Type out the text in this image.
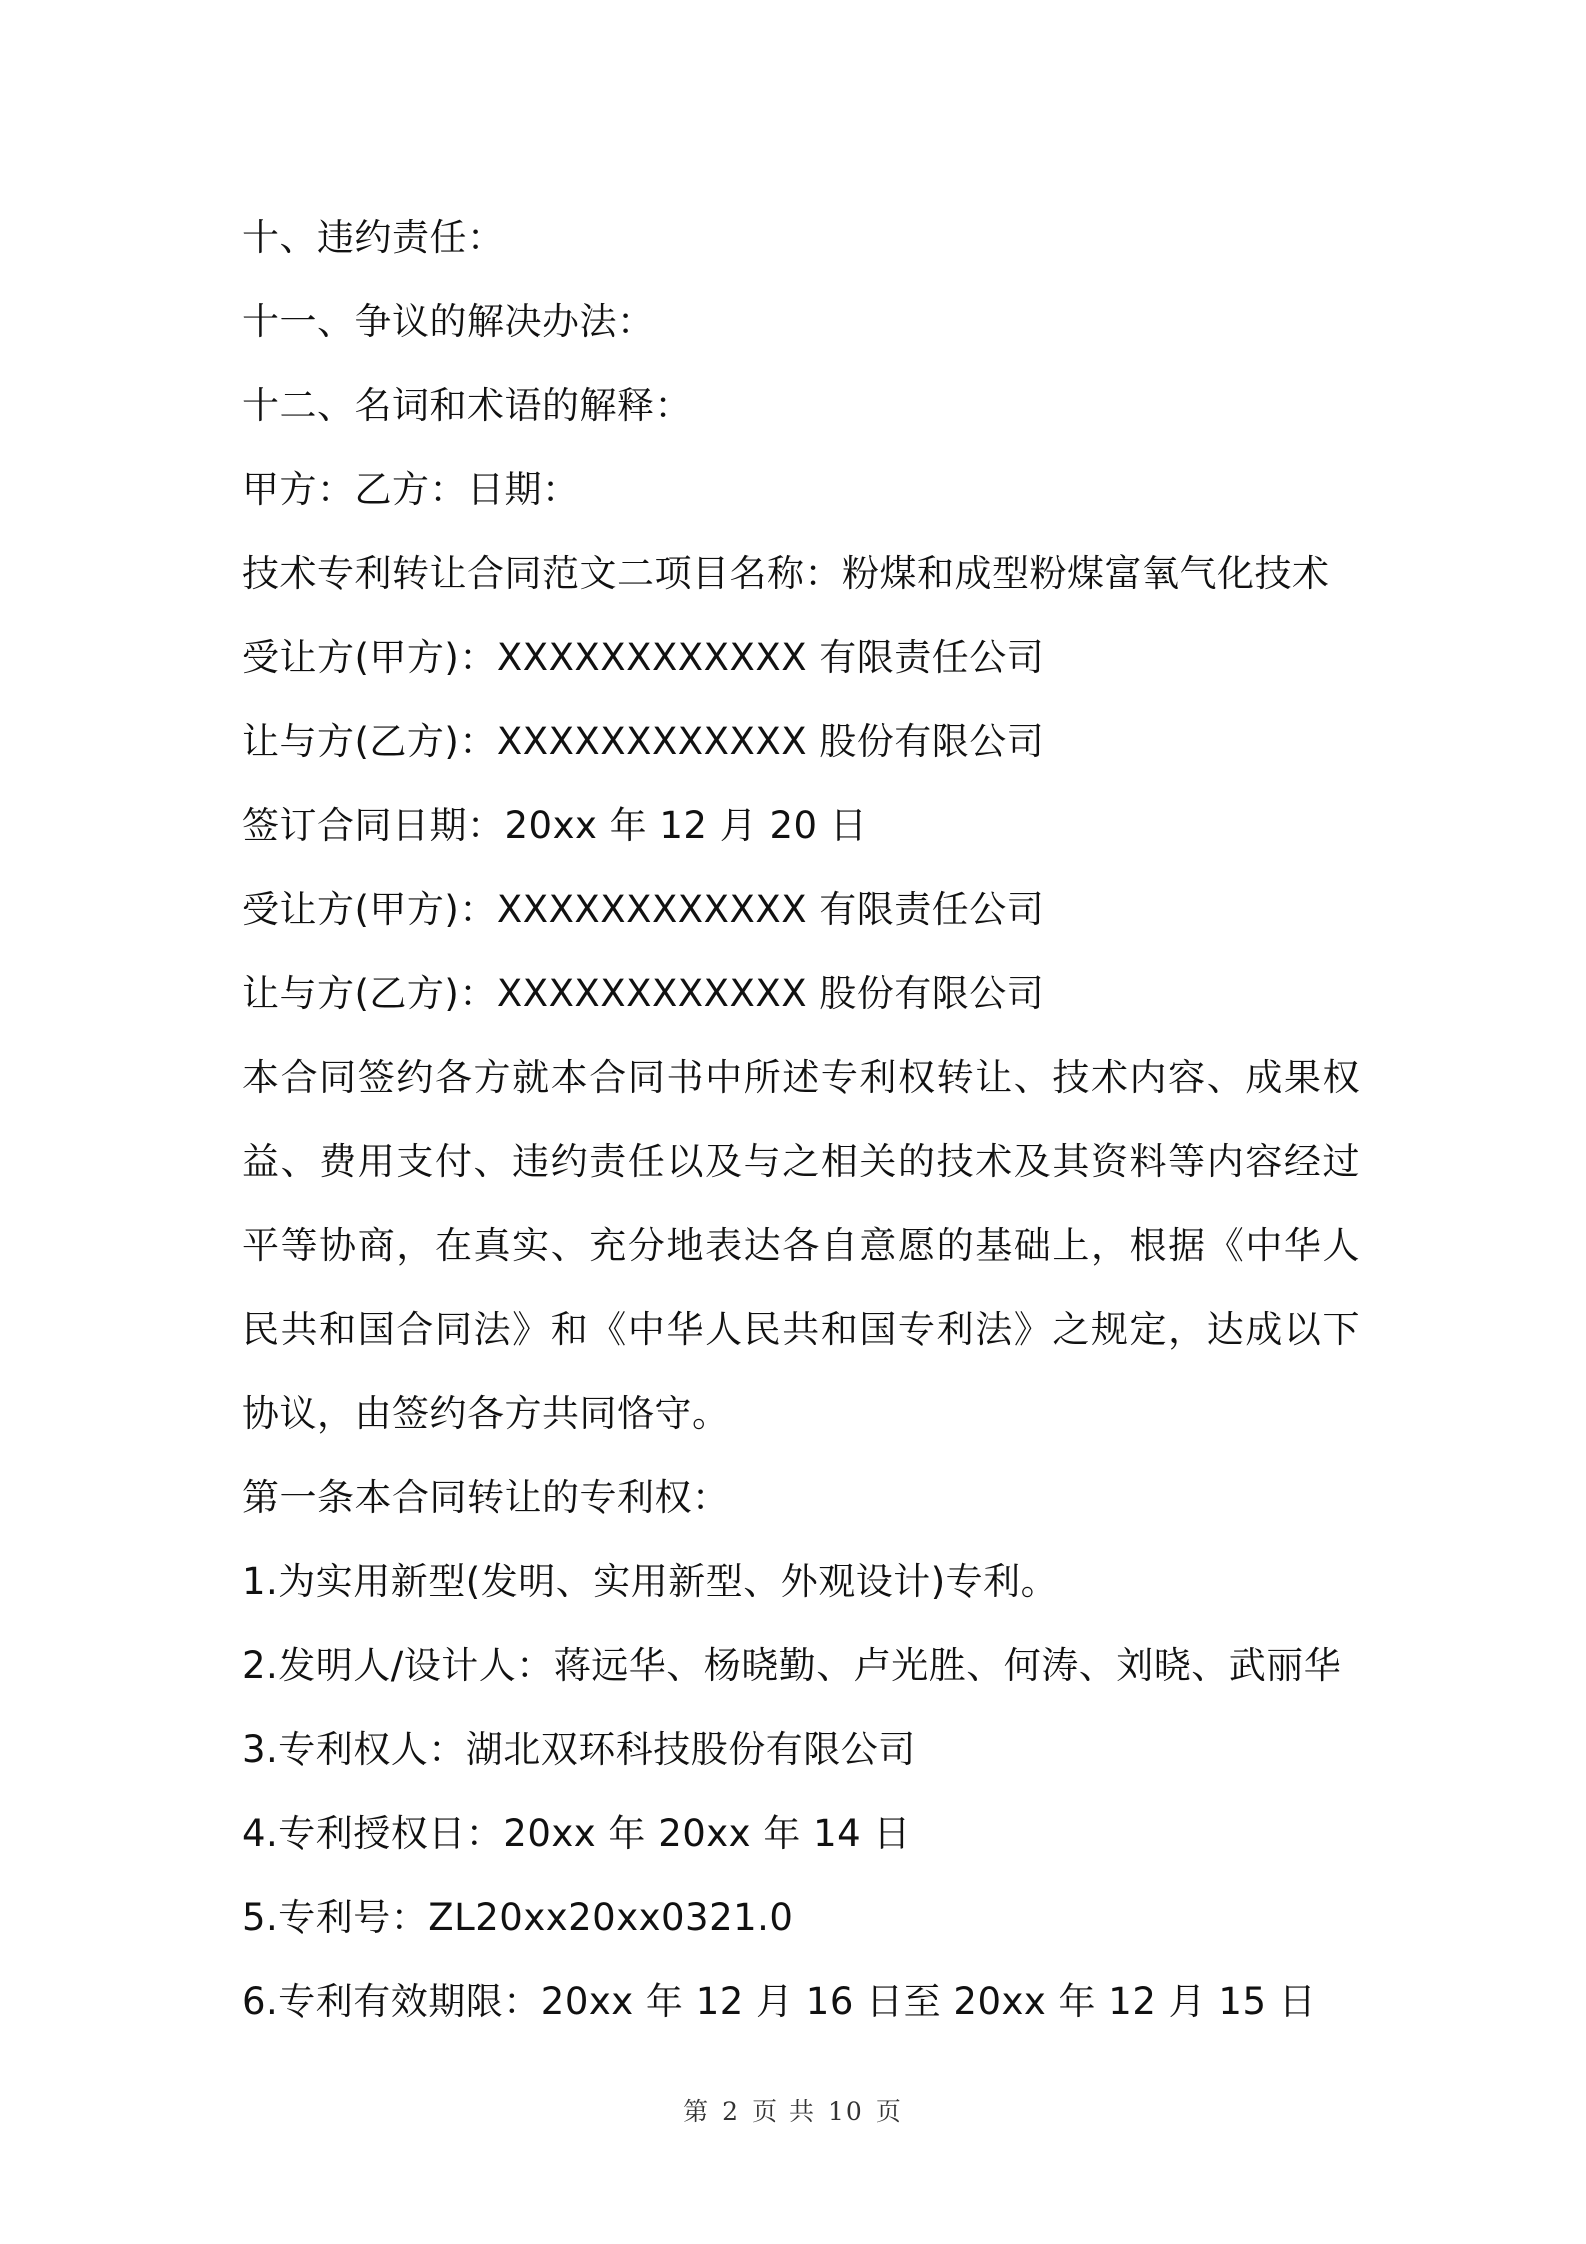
十、违约责任：
十一、争议的解决办法：
十二、名词和术语的解释：
甲方：乙方：日期：
技术专利转让合同范文二项目名称：粉煤和成型粉煤富氧气化技术
受让方(甲方)：XXXXXXXXXXXX 有限责任公司
让与方(乙方)：XXXXXXXXXXXX 股份有限公司
签订合同日期：20xx 年 12 月 20 日
受让方(甲方)：XXXXXXXXXXXX 有限责任公司
让与方(乙方)：XXXXXXXXXXXX 股份有限公司
本合同签约各方就本合同书中所述专利权转让、技术内容、成果权益、费用支付、违约责任以及与之相关的技术及其资料等内容经过平等协商，在真实、充分地表达各自意愿的基础上，根据《中华人民共和国合同法》和《中华人民共和国专利法》之规定，达成以下协议，由签约各方共同恪守。
第一条本合同转让的专利权：
1.为实用新型(发明、实用新型、外观设计)专利。
2.发明人/设计人：蒋远华、杨晓勤、卢光胜、何涛、刘晓、武丽华
3.专利权人：湖北双环科技股份有限公司
4.专利授权日：20xx 年 20xx 年 14 日
5.专利号：ZL20xx20xx0321.0
6.专利有效期限：20xx 年 12 月 16 日至 20xx 年 12 月 15 日
第 2 页 共 10 页
